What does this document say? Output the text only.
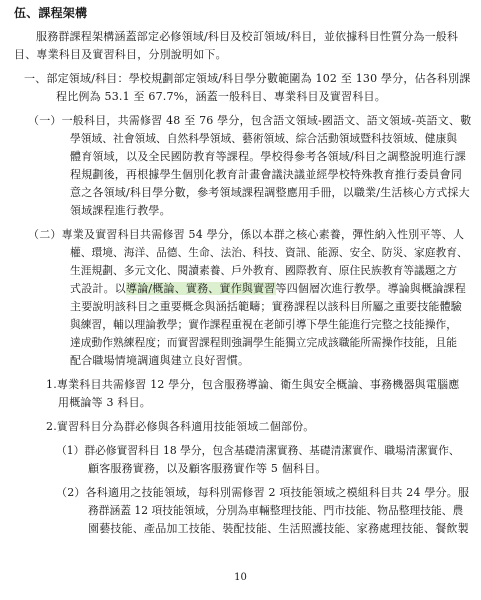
伍、課程架構
服務群課程架構涵蓋部定必修領域/科目及校訂領域/科目，並依據科目性質分為一般科
目、專業科目及實習科目，分別說明如下。
一、部定領域/科目：學校規劃部定領域/科目學分數範圍為 102 至 130 學分，佔各科別課
程比例為 53.1 至 67.7%，涵蓋一般科目、專業科目及實習科目。
（一）一般科目，共需修習 48 至 76 學分，包含語文領域-國語文、語文領域-英語文、數
學領域、社會領域、自然科學領域、藝術領域、綜合活動領域暨科技領域、健康與
體育領域，以及全民國防教育等課程。學校得參考各領域/科目之調整說明進行課
程規劃後，再根據學生個別化教育計畫會議決議並經學校特殊教育推行委員會同
意之各領域/科目學分數，參考領域課程調整應用手冊，以職業/生活核心方式採大
領域課程進行教學。
（二）專業及實習科目共需修習 54 學分，係以本群之核心素養，彈性納入性別平等、人
權、環境、海洋、品德、生命、法治、科技、資訊、能源、安全、防災、家庭教育、
生涯規劃、多元文化、閱讀素養、戶外教育、國際教育、原住民族教育等議題之方
式設計。以導論/概論、實務、實作與實習等四個層次進行教學。導論與概論課程
主要說明該科目之重要概念與涵括範疇；實務課程以該科目所屬之重要技能體驗
與練習，輔以理論教學；實作課程重視在老師引導下學生能進行完整之技能操作，
達成動作熟練程度；而實習課程則強調學生能獨立完成該職能所需操作技能，且能
配合職場情境調適與建立良好習慣。
1.專業科目共需修習 12 學分，包含服務導論、衛生與安全概論、事務機器與電腦應
用概論等 3 科目。
2.實習科目分為群必修與各科適用技能領域二個部份。
（1）群必修實習科目 18 學分，包含基礎清潔實務、基礎清潔實作、職場清潔實作、
顧客服務實務，以及顧客服務實作等 5 個科目。
（2）各科適用之技能領域，每科別需修習 2 項技能領域之模組科目共 24 學分。服
務群涵蓋 12 項技能領域，分別為車輛整理技能、門市技能、物品整理技能、農
園藝技能、產品加工技能、裝配技能、生活照護技能、家務處理技能、餐飲製
10
